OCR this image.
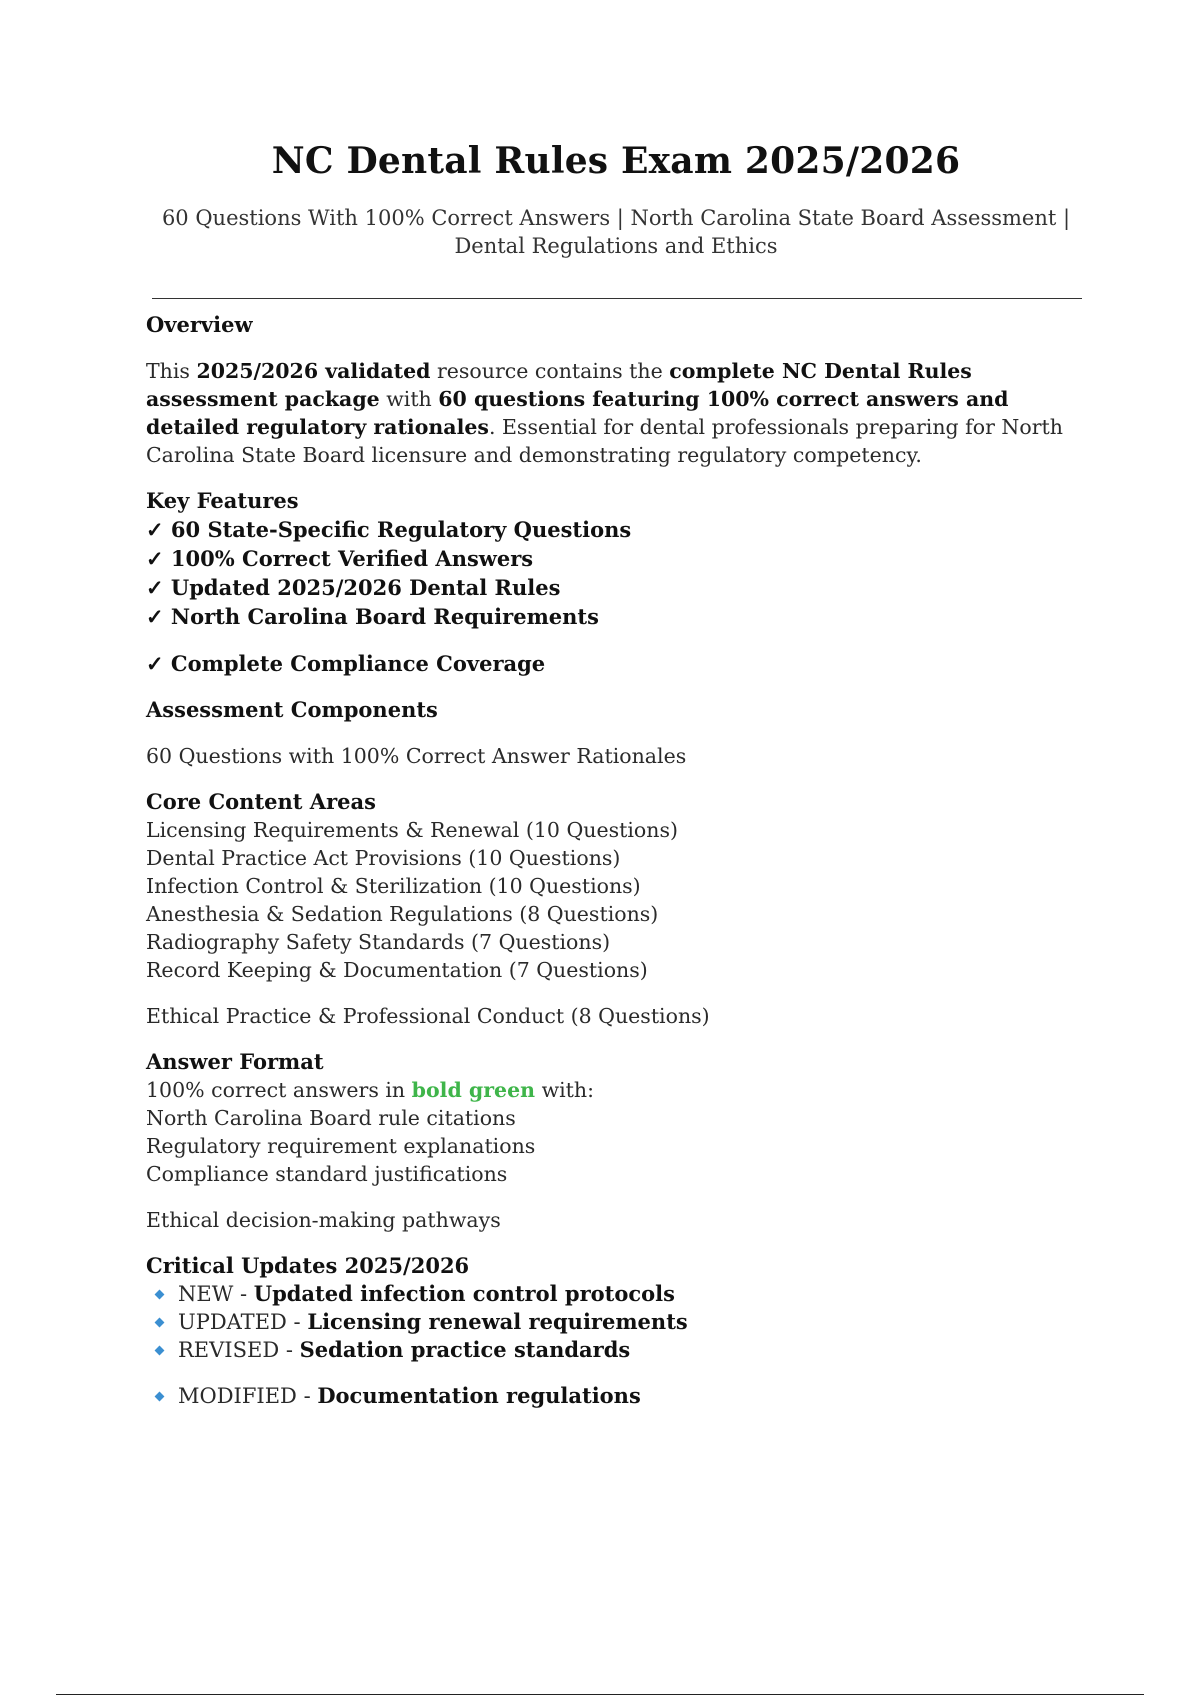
NC Dental Rules Exam 2025/2026
60 Questions With 100% Correct Answers | North Carolina State Board Assessment | Dental Regulations and Ethics
Overview
This 2025/2026 validated resource contains the complete NC Dental Rules assessment package with 60 questions featuring 100% correct answers and detailed regulatory rationales. Essential for dental professionals preparing for North Carolina State Board licensure and demonstrating regulatory competency.
Key Features
✓ 60 State-Specific Regulatory Questions
✓ 100% Correct Verified Answers
✓ Updated 2025/2026 Dental Rules
✓ North Carolina Board Requirements
✓ Complete Compliance Coverage
Assessment Components
60 Questions with 100% Correct Answer Rationales
Core Content Areas
Licensing Requirements & Renewal (10 Questions)
Dental Practice Act Provisions (10 Questions)
Infection Control & Sterilization (10 Questions)
Anesthesia & Sedation Regulations (8 Questions)
Radiography Safety Standards (7 Questions)
Record Keeping & Documentation (7 Questions)
Ethical Practice & Professional Conduct (8 Questions)
Answer Format
100% correct answers in bold green with:
North Carolina Board rule citations
Regulatory requirement explanations
Compliance standard justifications
Ethical decision-making pathways
Critical Updates 2025/2026
NEW - Updated infection control protocols
UPDATED - Licensing renewal requirements
REVISED - Sedation practice standards
MODIFIED - Documentation regulations
